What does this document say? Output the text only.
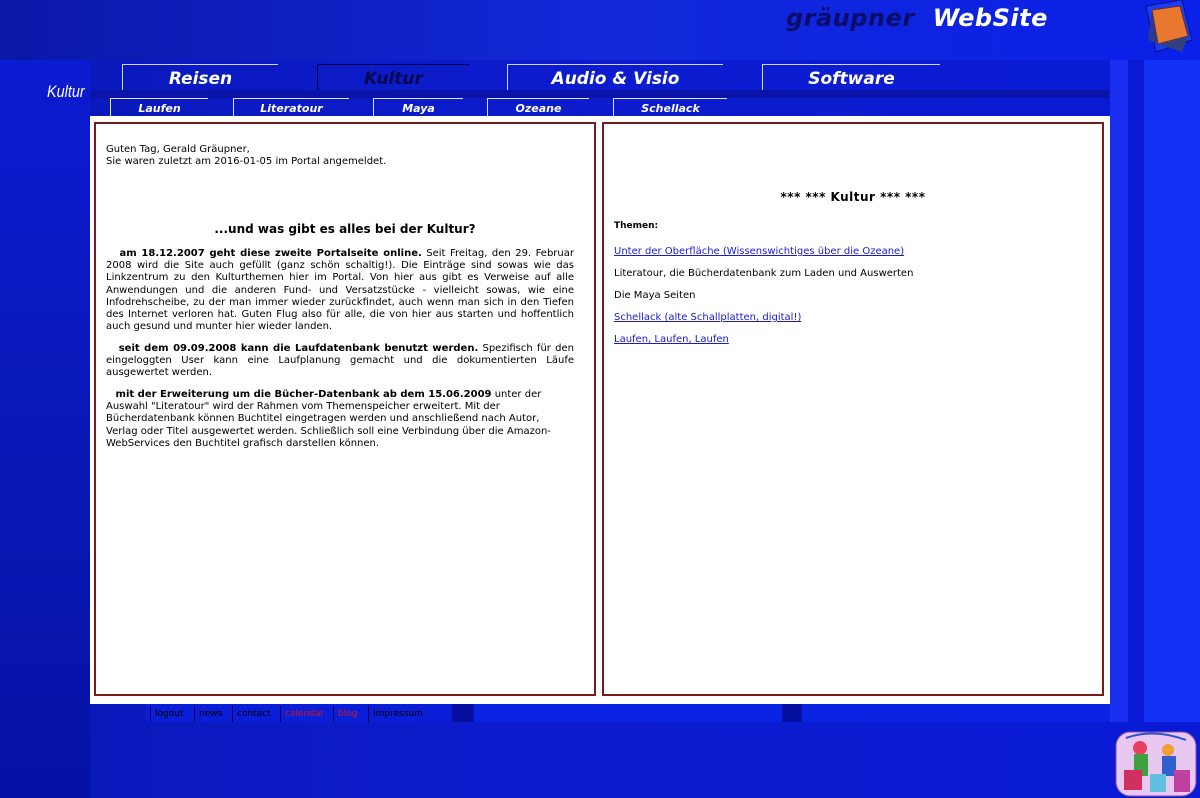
gräupner WebSite
Kultur
Reisen	Kultur	Audio & Visio	Software
Laufen	Literatour	Maya	Ozeane	Schellack
Guten Tag, Gerald Gräupner,
Sie waren zuletzt am 2016-01-05 im Portal angemeldet.
...und was gibt es alles bei der Kultur?
am 18.12.2007 geht diese zweite Portalseite online. Seit Freitag, den 29. Februar 2008 wird die Site auch gefüllt (ganz schön schaltig!). Die Einträge sind sowas wie das Linkzentrum zu den Kulturthemen hier im Portal. Von hier aus gibt es Verweise auf alle Anwendungen und die anderen Fund- und Versatzstücke - vielleicht sowas, wie eine Infodrehscheibe, zu der man immer wieder zurückfindet, auch wenn man sich in den Tiefen des Internet verloren hat. Guten Flug also für alle, die von hier aus starten und hoffentlich auch gesund und munter hier wieder landen.
seit dem 09.09.2008 kann die Laufdatenbank benutzt werden. Spezifisch für den eingeloggten User kann eine Laufplanung gemacht und die dokumentierten Läufe ausgewertet werden.
mit der Erweiterung um die Bücher-Datenbank ab dem 15.06.2009 unter der Auswahl "Literatour" wird der Rahmen vom Themenspeicher erweitert. Mit der Bücherdatenbank können Buchtitel eingetragen werden und anschließend nach Autor, Verlag oder Titel ausgewertet werden. Schließlich soll eine Verbindung über die Amazon-WebServices den Buchtitel grafisch darstellen können.
*** *** Kultur *** ***
Themen:
Unter der Oberfläche (Wissenswichtiges über die Ozeane)
Literatour, die Bücherdatenbank zum Laden und Auswerten
Die Maya Seiten
Schellack (alte Schallplatten, digital!)
Laufen, Laufen, Laufen
logout	news	contact	calendar	blog	impressum
